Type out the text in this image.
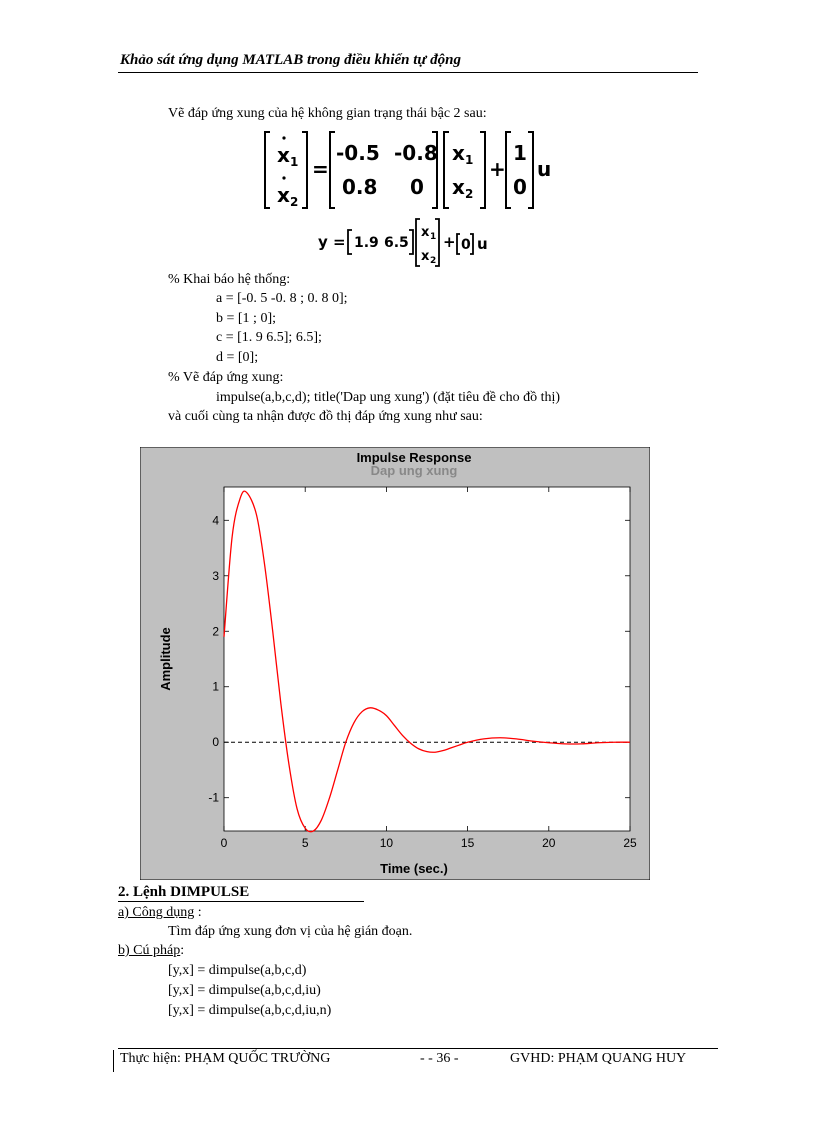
Khảo sát ứng dụng MATLAB trong điều khiển tự động
Vẽ đáp ứng xung của hệ không gian trạng thái bậc 2 sau:
x 1
x 2
=
-0.5 -0.8
0.8 0
x 1
x 2
+
1
0
u
y = 1.9 6.5
x 1
x 2
+ 0 u
% Khai báo hệ thống:
a = [-0. 5 -0. 8 ; 0. 8 0];
b = [1 ; 0];
c = [1. 9 6.5]; 6.5];
d = [0];
% Vẽ đáp ứng xung:
impulse(a,b,c,d); title('Dap ung xung') (đặt tiêu đề cho đồ thị)
và cuối cùng ta nhận được đồ thị đáp ứng xung như sau:
Impulse Response
Dap ung xung
Time (sec.)
Amplitude
0	5	10	15	20	25
-1
0
1
2
3
4
2. Lệnh DIMPULSE
a) Công dụng :
Tìm đáp ứng xung đơn vị của hệ gián đoạn.
b) Cú pháp:
[y,x] = dimpulse(a,b,c,d)
[y,x] = dimpulse(a,b,c,d,iu)
[y,x] = dimpulse(a,b,c,d,iu,n)
Thực hiện: PHẠM QUỐC TRƯỜNG	- - 36 -	GVHD: PHẠM QUANG HUY
